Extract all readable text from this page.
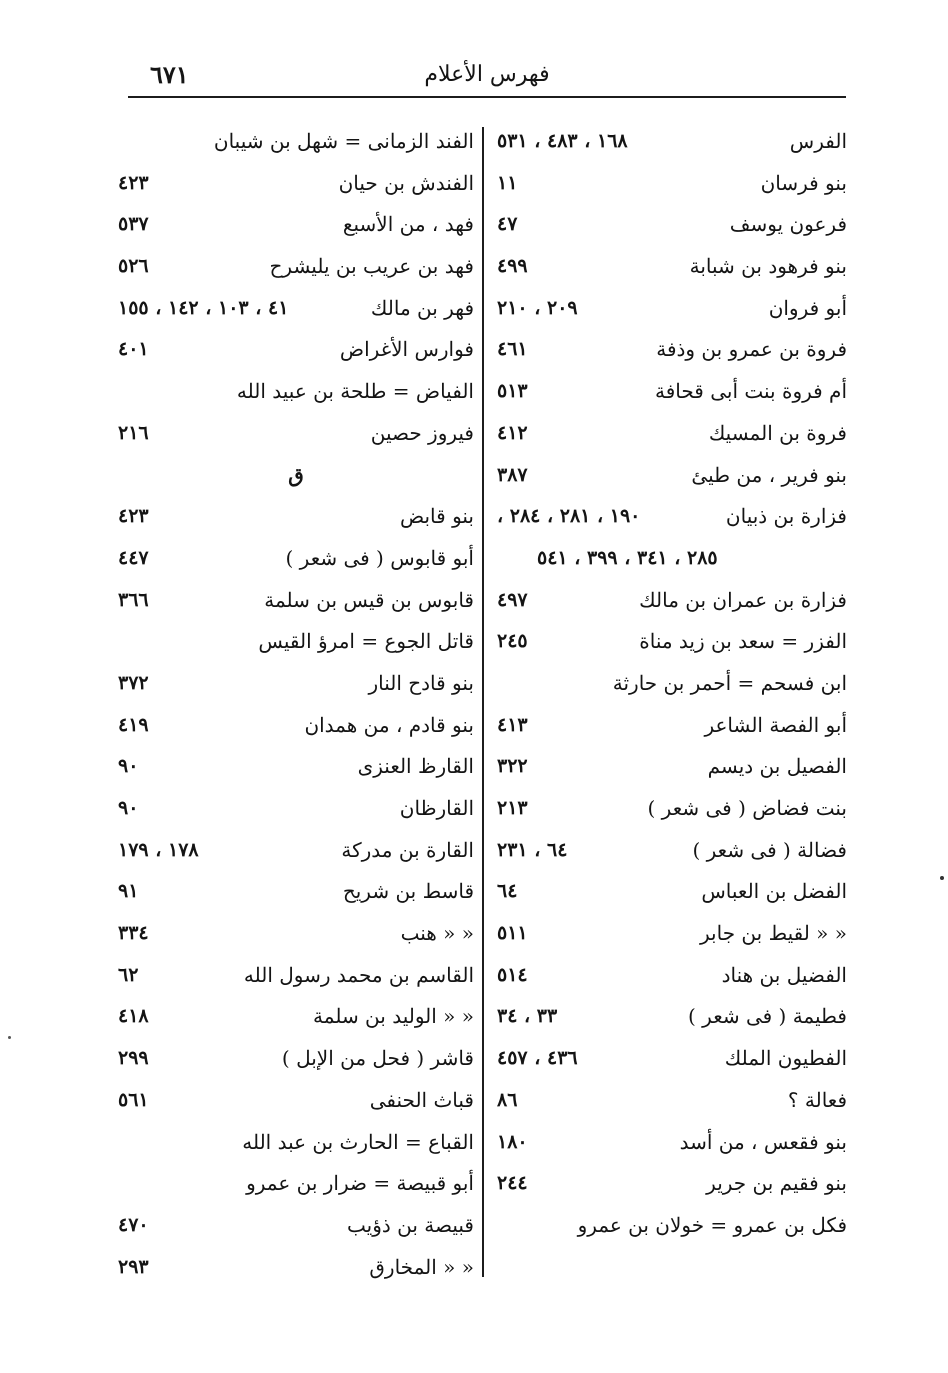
فهرس الأعلام
٦٧١
الفرس
١٦٨ ، ٤٨٣ ، ٥٣١
بنو فرسان
١١
فرعون يوسف
٤٧
بنو فرهود بن شبابة
٤٩٩
أبو فروان
٢٠٩ ، ٢١٠
فروة بن عمرو بن وذفة
٤٦١
أم فروة بنت أبى قحافة
٥١٣
فروة بن المسيك
٤١٢
بنو فرير ، من طيئ
٣٨٧
فزارة بن ذبيان
١٩٠ ، ٢٨١ ، ٢٨٤ ،
٢٨٥ ، ٣٤١ ، ٣٩٩ ، ٥٤١
فزارة بن عمران بن مالك
٤٩٧
الفزر = سعد بن زيد مناة
٢٤٥
ابن فسحم = أحمر بن حارثة
أبو الفصة الشاعر
٤١٣
الفصيل بن ديسم
٣٢٢
بنت فضاض ( فى شعر )
٢١٣
فضالة ( فى شعر )
٦٤ ، ٢٣١
الفضل بن العباس
٦٤
« « لقيط بن جابر
٥١١
الفضيل بن هناد
٥١٤
فطيمة ( فى شعر )
٣٣ ، ٣٤
الفطيون الملك
٤٣٦ ، ٤٥٧
فعالة ؟
٨٦
بنو فقعس ، من أسد
١٨٠
بنو فقيم بن جرير
٢٤٤
فكل بن عمرو = خولان بن عمرو
الفند الزمانى = شهل بن شيبان
الفندش بن حيان
٤٢٣
فهد ، من الأسبع
٥٣٧
فهد بن عريب بن يليشرح
٥٢٦
فهر بن مالك
٤١ ، ١٠٣ ، ١٤٢ ، ١٥٥
فوارس الأغراض
٤٠١
الفياض = طلحة بن عبيد الله
فيروز حصين
٢١٦
ق
بنو قابض
٤٢٣
أبو قابوس ( فى شعر )
٤٤٧
قابوس بن قيس بن سلمة
٣٦٦
قاتل الجوع = امرؤ القيس
بنو قادح النار
٣٧٢
بنو قادم ، من همدان
٤١٩
القارظ العنزى
٩٠
القارظان
٩٠
القارة بن مدركة
١٧٨ ، ١٧٩
قاسط بن شريح
٩١
« « هنب
٣٣٤
القاسم بن محمد رسول الله
٦٢
« « الوليد بن سلمة
٤١٨
قاشر ( فحل من الإبل )
٢٩٩
قباث الحنفى
٥٦١
القباع = الحارث بن عبد الله
أبو قبيصة = ضرار بن عمرو
قبيصة بن ذؤيب
٤٧٠
« « المخارق
٢٩٣
